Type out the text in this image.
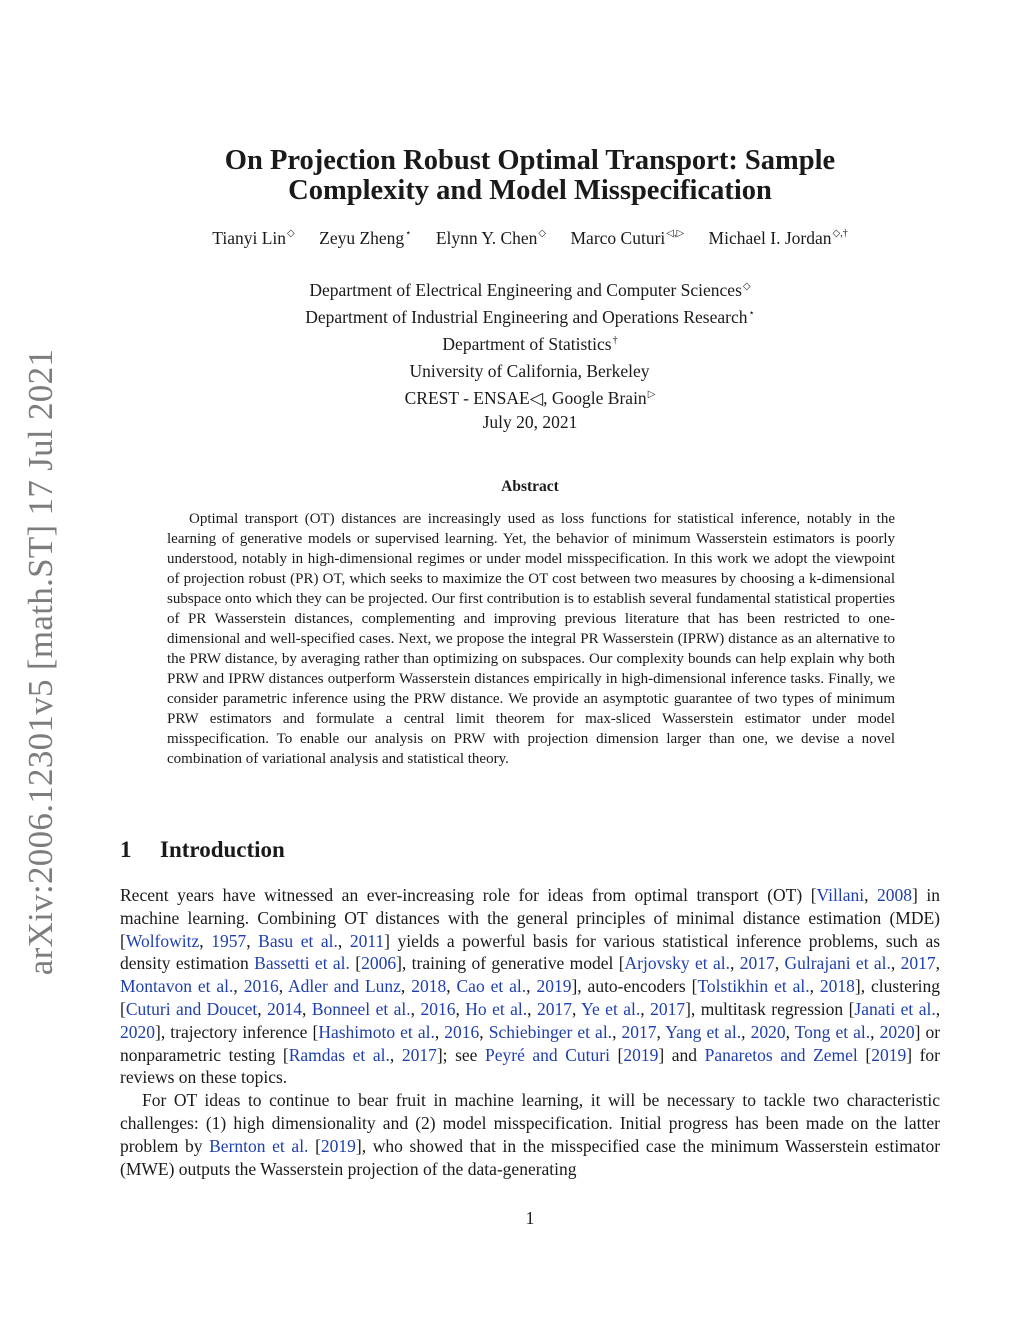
arXiv:2006.12301v5 [math.ST] 17 Jul 2021
On Projection Robust Optimal Transport: Sample
Complexity and Model Misspecification
Tianyi Lin◇ Zeyu Zheng⋆ Elynn Y. Chen◇ Marco Cuturi◁,▷ Michael I. Jordan◇,†
Department of Electrical Engineering and Computer Sciences◇
Department of Industrial Engineering and Operations Research⋆
Department of Statistics†
University of California, Berkeley
CREST - ENSAE◁, Google Brain▷
July 20, 2021
Abstract

Optimal transport (OT) distances are increasingly used as loss functions for statistical inference, notably in the learning of generative models or supervised learning. Yet, the behavior of minimum Wasserstein estimators is poorly understood, notably in high-dimensional regimes or under model misspecification. In this work we adopt the viewpoint of projection robust (PR) OT, which seeks to maximize the OT cost between two measures by choosing a k-dimensional subspace onto which they can be projected. Our first contribution is to establish several fundamental statistical properties of PR Wasserstein distances, complementing and improving previous literature that has been restricted to one-dimensional and well-specified cases. Next, we propose the integral PR Wasserstein (IPRW) distance as an alternative to the PRW distance, by averaging rather than optimizing on subspaces. Our complexity bounds can help explain why both PRW and IPRW distances outperform Wasserstein distances empirically in high-dimensional inference tasks. Finally, we consider parametric inference using the PRW distance. We provide an asymptotic guarantee of two types of minimum PRW estimators and formulate a central limit theorem for max-sliced Wasserstein estimator under model misspecification. To enable our analysis on PRW with projection dimension larger than one, we devise a novel combination of variational analysis and statistical theory.

1 Introduction

Recent years have witnessed an ever-increasing role for ideas from optimal transport (OT) [Villani, 2008] in machine learning. Combining OT distances with the general principles of minimal distance estimation (MDE) [Wolfowitz, 1957, Basu et al., 2011] yields a powerful basis for various statistical inference problems, such as density estimation Bassetti et al. [2006], training of generative model [Arjovsky et al., 2017, Gulrajani et al., 2017, Montavon et al., 2016, Adler and Lunz, 2018, Cao et al., 2019], auto-encoders [Tolstikhin et al., 2018], clustering [Cuturi and Doucet, 2014, Bonneel et al., 2016, Ho et al., 2017, Ye et al., 2017], multitask regression [Janati et al., 2020], trajectory inference [Hashimoto et al., 2016, Schiebinger et al., 2017, Yang et al., 2020, Tong et al., 2020] or nonparametric testing [Ramdas et al., 2017]; see Peyré and Cuturi [2019] and Panaretos and Zemel [2019] for reviews on these topics.

For OT ideas to continue to bear fruit in machine learning, it will be necessary to tackle two characteristic challenges: (1) high dimensionality and (2) model misspecification. Initial progress has been made on the latter problem by Bernton et al. [2019], who showed that in the misspecified case the minimum Wasserstein estimator (MWE) outputs the Wasserstein projection of the data-generating

1
